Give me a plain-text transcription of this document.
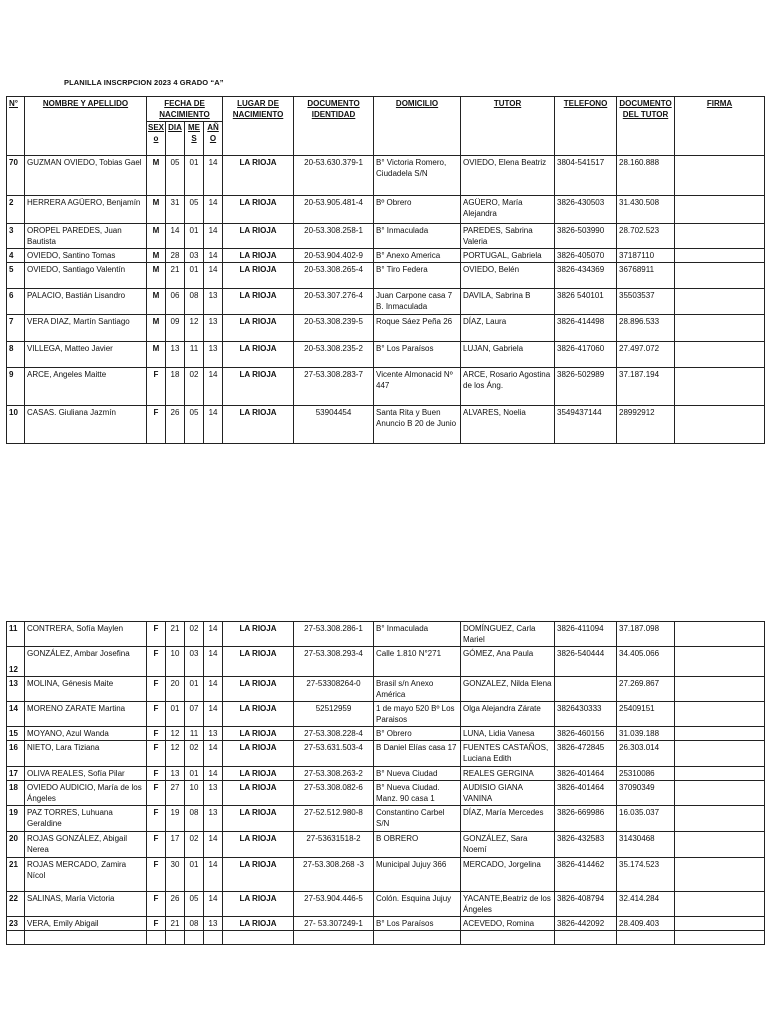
PLANILLA INSCRPCION 2023 4 GRADO “A”
N°	NOMBRE Y APELLIDO	FECHA DE NACIMIENTO				LUGAR DE NACIMIENTO	DOCUMENTO IDENTIDAD	DOMICILIO	TUTOR	TELEFONO	DOCUMENTO DEL TUTOR	FIRMA
		SEXo	DIA	MES	AÑO							
70	GUZMAN OVIEDO, Tobias Gael	M	05	01	14	LA RIOJA	20-53.630.379-1	B° Victoria Romero, Ciudadela S/N	OVIEDO, Elena Beatriz	3804-541517	28.160.888	
2	HERRERA AGÜERO, Benjamín	M	31	05	14	LA RIOJA	20-53.905.481-4	Bº Obrero	AGÜERO, María Alejandra	3826-430503	31.430.508	
3	OROPEL PAREDES, Juan Bautista	M	14	01	14	LA RIOJA	20-53.308.258-1	B° Inmaculada	PAREDES, Sabrina Valeria	3826-503990	28.702.523	
4	OVIEDO, Santino Tomas	M	28	03	14	LA RIOJA	20-53.904.402-9	B° Anexo America	PORTUGAL, Gabriela	3826-405070	37187110	
5	OVIEDO, Santiago Valentín	M	21	01	14	LA RIOJA	20-53.308.265-4	B° Tiro Federa	OVIEDO, Belén	3826-434369	36768911	
6	PALACIO, Bastián Lisandro	M	06	08	13	LA RIOJA	20-53.307.276-4	Juan Carpone casa 7 B. Inmaculada	DAVILA, Sabrina B	3826 540101	35503537	
7	VERA DIAZ, Martín Santiago	M	09	12	13	LA RIOJA	20-53.308.239-5	Roque Sáez Peña 26	DÍAZ, Laura	3826-414498	28.896.533	
8	VILLEGA, Matteo Javier	M	13	11	13	LA RIOJA	20-53.308.235-2	B° Los Paraísos	LUJAN, Gabriela	3826-417060	27.497.072	
9	ARCE, Angeles Maitte	F	18	02	14	LA RIOJA	27-53.308.283-7	Vicente Almonacid Nº 447	ARCE, Rosario Agostina de los Áng.	3826-502989	37.187.194	
10	CASAS. Giuliana Jazmín	F	26	05	14	LA RIOJA	53904454	Santa Rita y Buen Anuncio B 20 de Junio	ALVARES, Noelia	3549437144	28992912	
11	CONTRERA, Sofía Maylen	F	21	02	14	LA RIOJA	27-53.308.286-1	B° Inmaculada	DOMÍNGUEZ, Carla Mariel	3826-411094	37.187.098	
12	GONZÁLEZ, Ambar Josefina	F	10	03	14	LA RIOJA	27-53.308.293-4	Calle 1.810 N°271	GÓMEZ, Ana Paula	3826-540444	34.405.066	
13	MOLINA, Génesis Maite	F	20	01	14	LA RIOJA	27-53308264-0	Brasil s/n Anexo América	GONZALEZ, Nilda Elena		27.269.867	
14	MORENO ZARATE Martina	F	01	07	14	LA RIOJA	52512959	1 de mayo 520 Bº Los Paraisos	Olga Alejandra Zárate	3826430333	25409151	
15	MOYANO, Azul Wanda	F	12	11	13	LA RIOJA	27-53.308.228-4	B° Obrero	LUNA, Lidia Vanesa	3826-460156	31.039.188	
16	NIETO, Lara Tiziana	F	12	02	14	LA RIOJA	27-53.631.503-4	B Daniel Elías casa 17	FUENTES CASTAÑOS, Luciana Edith	3826-472845	26.303.014	
17	OLIVA REALES, Sofía Pilar	F	13	01	14	LA RIOJA	27-53.308.263-2	B° Nueva Ciudad	REALES GERGINA	3826-401464	25310086	
18	OVIEDO AUDICIO, María de los Ángeles	F	27	10	13	LA RIOJA	27-53.308.082-6	B° Nueva Ciudad. Manz. 90 casa 1	AUDISIO GIANA VANINA	3826-401464	37090349	
19	PAZ TORRES, Luhuana Geraldine	F	19	08	13	LA RIOJA	27-52.512.980-8	Constantino Carbel S/N	DÍAZ, María Mercedes	3826-669986	16.035.037	
20	ROJAS GONZÁLEZ, Abigail Nerea	F	17	02	14	LA RIOJA	27-53631518-2	B OBRERO	GONZÁLEZ, Sara Noemí	3826-432583	31430468	
21	ROJAS MERCADO, Zamira Nícol	F	30	01	14	LA RIOJA	27-53.308.268 -3	Municipal Jujuy 366	MERCADO, Jorgelina	3826-414462	35.174.523	
22	SALINAS, María Victoria	F	26	05	14	LA RIOJA	27-53.904.446-5	Colón. Esquina Jujuy	YACANTE,Beatriz de los Ángeles	3826-408794	32.414.284	
23	VERA, Emily Abigail	F	21	08	13	LA RIOJA	27- 53.307249-1	B° Los Paraísos	ACEVEDO, Romina	3826-442092	28.409.403	
